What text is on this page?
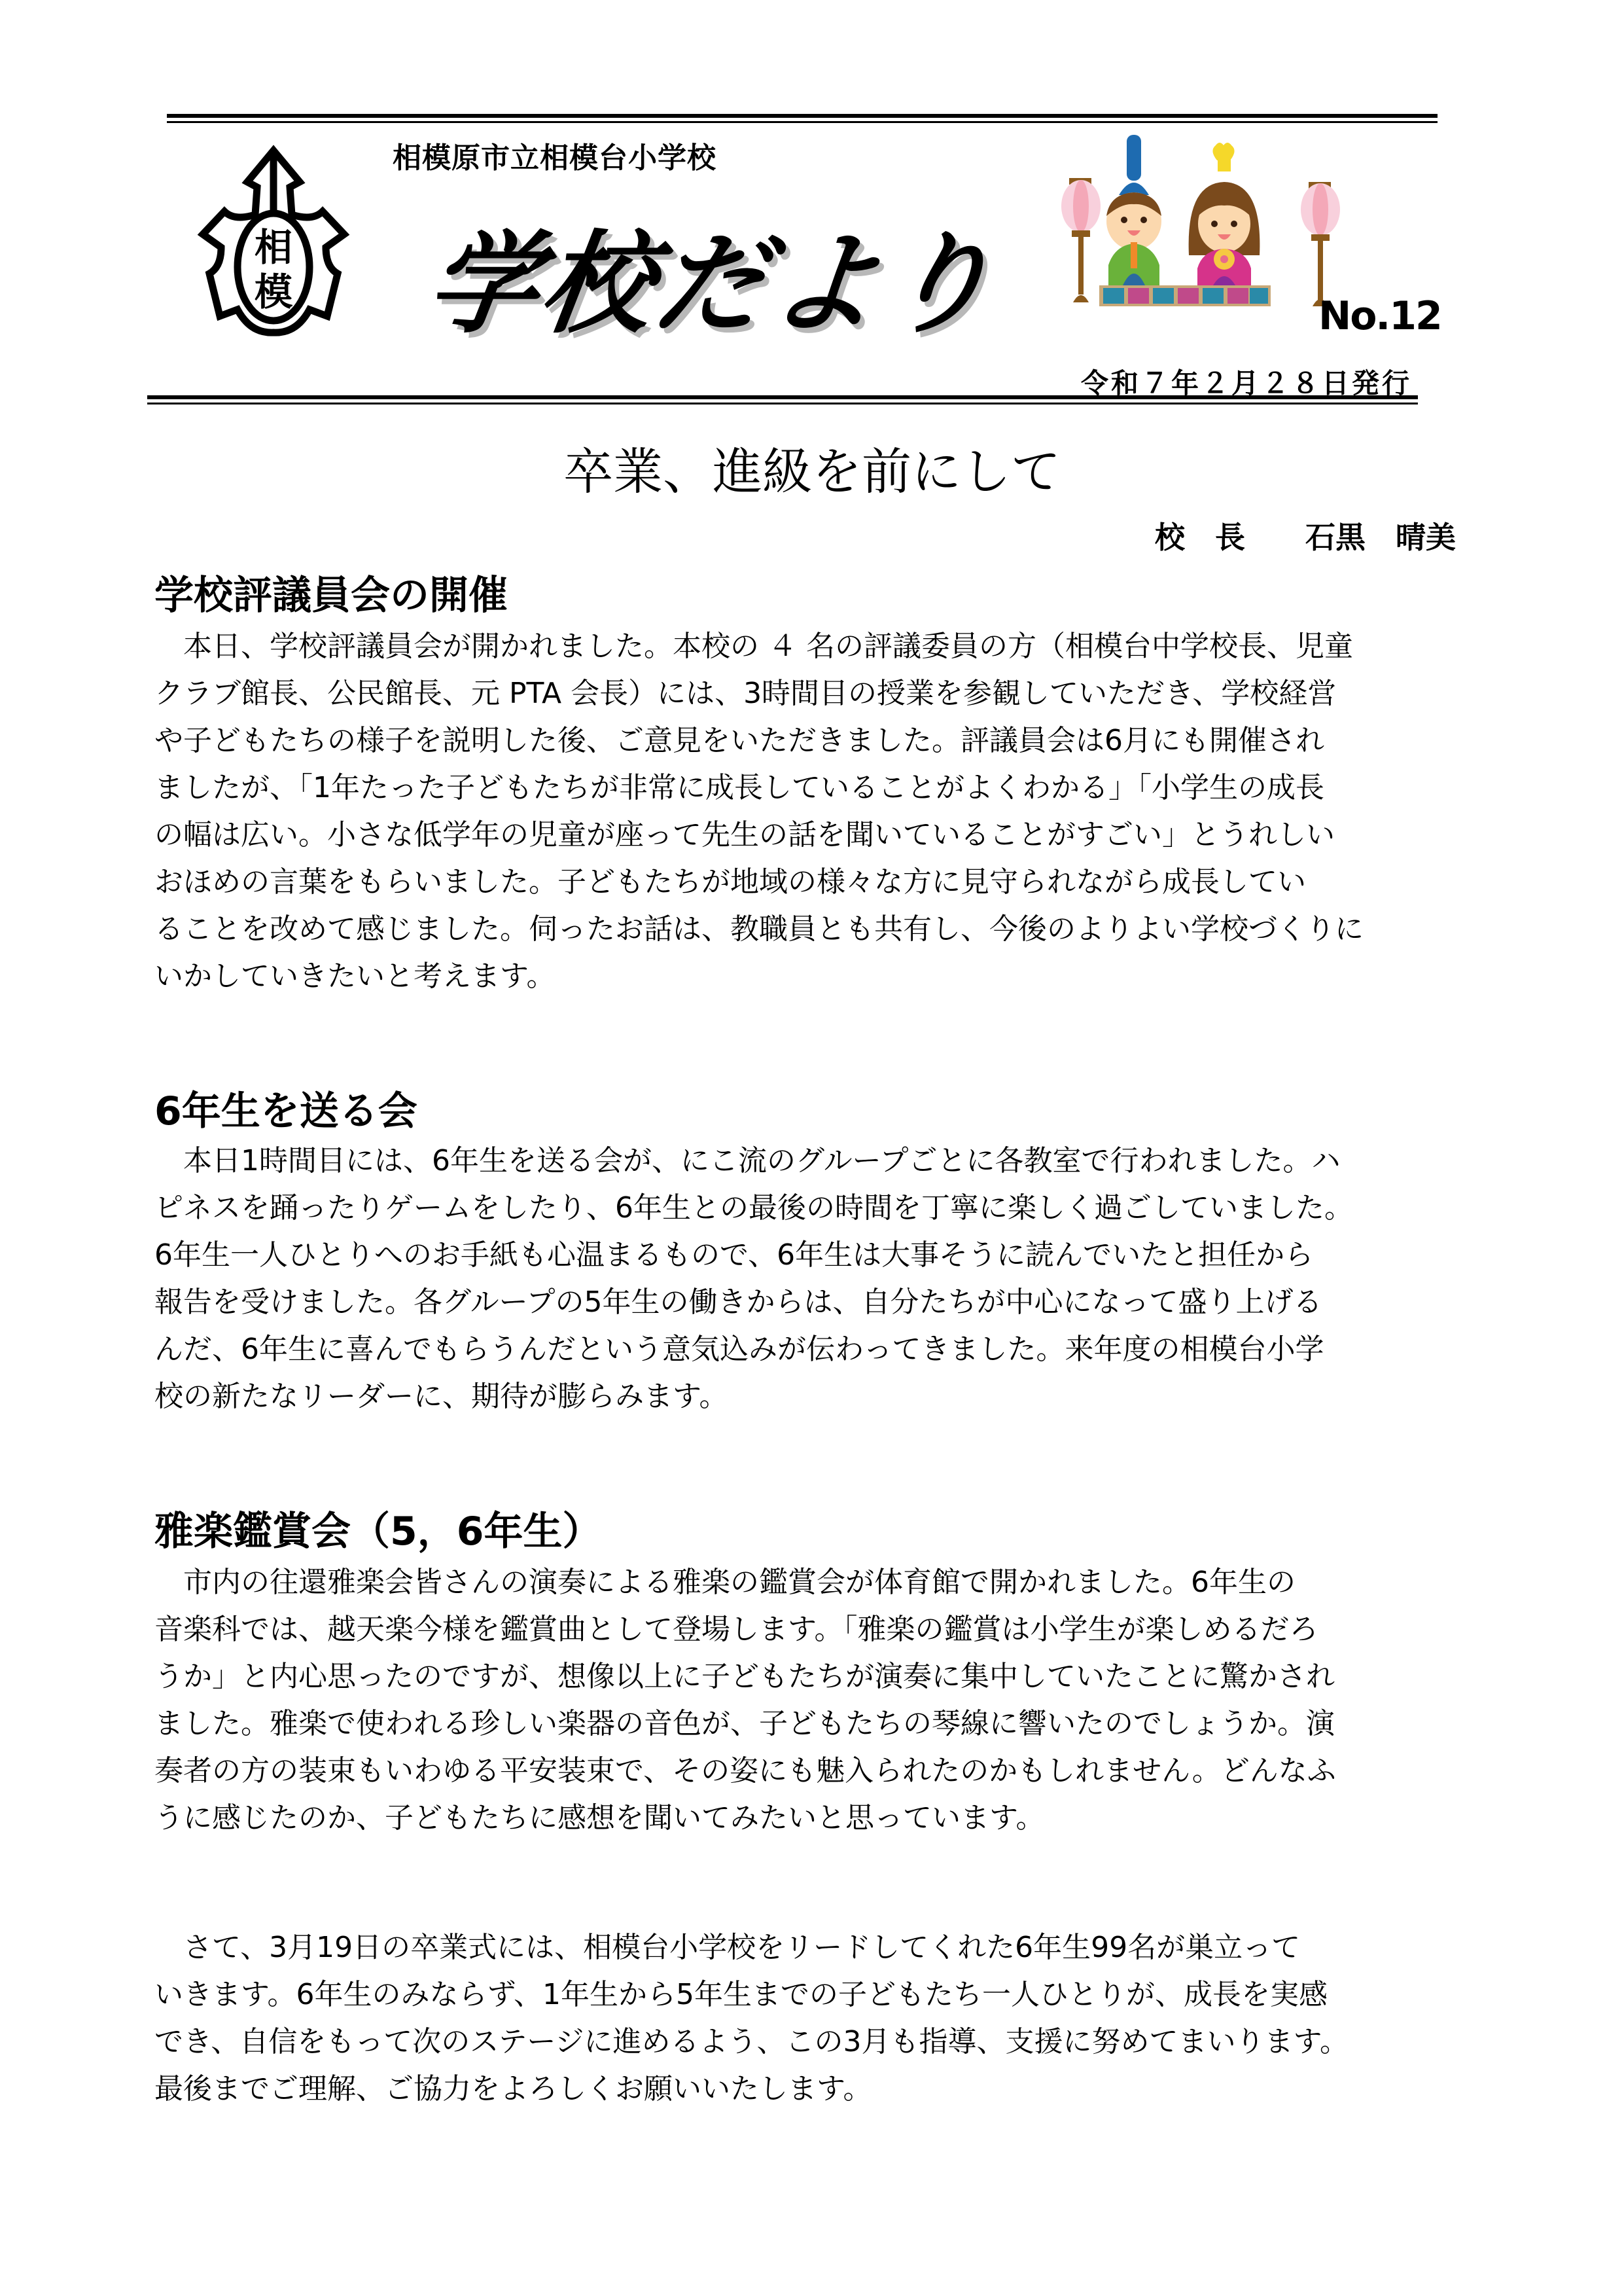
相
模
相模原市立相模台小学校
学校だより	No.12
令和７年２月２８日発行
卒業、進級を前にして
校　長　　石黒　晴美
学校評議員会の開催
　本日、学校評議員会が開かれました。本校の ４ 名の評議委員の方（相模台中学校長、児童
クラブ館長、公民館長、元 PTA 会長）には、3時間目の授業を参観していただき、学校経営
や子どもたちの様子を説明した後、ご意見をいただきました。評議員会は6月にも開催され
ましたが、「1年たった子どもたちが非常に成長していることがよくわかる」「小学生の成長
の幅は広い。小さな低学年の児童が座って先生の話を聞いていることがすごい」とうれしい
おほめの言葉をもらいました。子どもたちが地域の様々な方に見守られながら成長してい
ることを改めて感じました。伺ったお話は、教職員とも共有し、今後のよりよい学校づくりに
いかしていきたいと考えます。
6年生を送る会
　本日1時間目には、6年生を送る会が、にこ流のグループごとに各教室で行われました。ハ
ピネスを踊ったりゲームをしたり、6年生との最後の時間を丁寧に楽しく過ごしていました。
6年生一人ひとりへのお手紙も心温まるもので、6年生は大事そうに読んでいたと担任から
報告を受けました。各グループの5年生の働きからは、自分たちが中心になって盛り上げる
んだ、6年生に喜んでもらうんだという意気込みが伝わってきました。来年度の相模台小学
校の新たなリーダーに、期待が膨らみます。
雅楽鑑賞会（5，6年生）
　市内の往還雅楽会皆さんの演奏による雅楽の鑑賞会が体育館で開かれました。6年生の
音楽科では、越天楽今様を鑑賞曲として登場します。「雅楽の鑑賞は小学生が楽しめるだろ
うか」と内心思ったのですが、想像以上に子どもたちが演奏に集中していたことに驚かされ
ました。雅楽で使われる珍しい楽器の音色が、子どもたちの琴線に響いたのでしょうか。演
奏者の方の装束もいわゆる平安装束で、その姿にも魅入られたのかもしれません。どんなふ
うに感じたのか、子どもたちに感想を聞いてみたいと思っています。
　さて、3月19日の卒業式には、相模台小学校をリードしてくれた6年生99名が巣立って
いきます。6年生のみならず、1年生から5年生までの子どもたち一人ひとりが、成長を実感
でき、自信をもって次のステージに進めるよう、この3月も指導、支援に努めてまいります。
最後までご理解、ご協力をよろしくお願いいたします。
